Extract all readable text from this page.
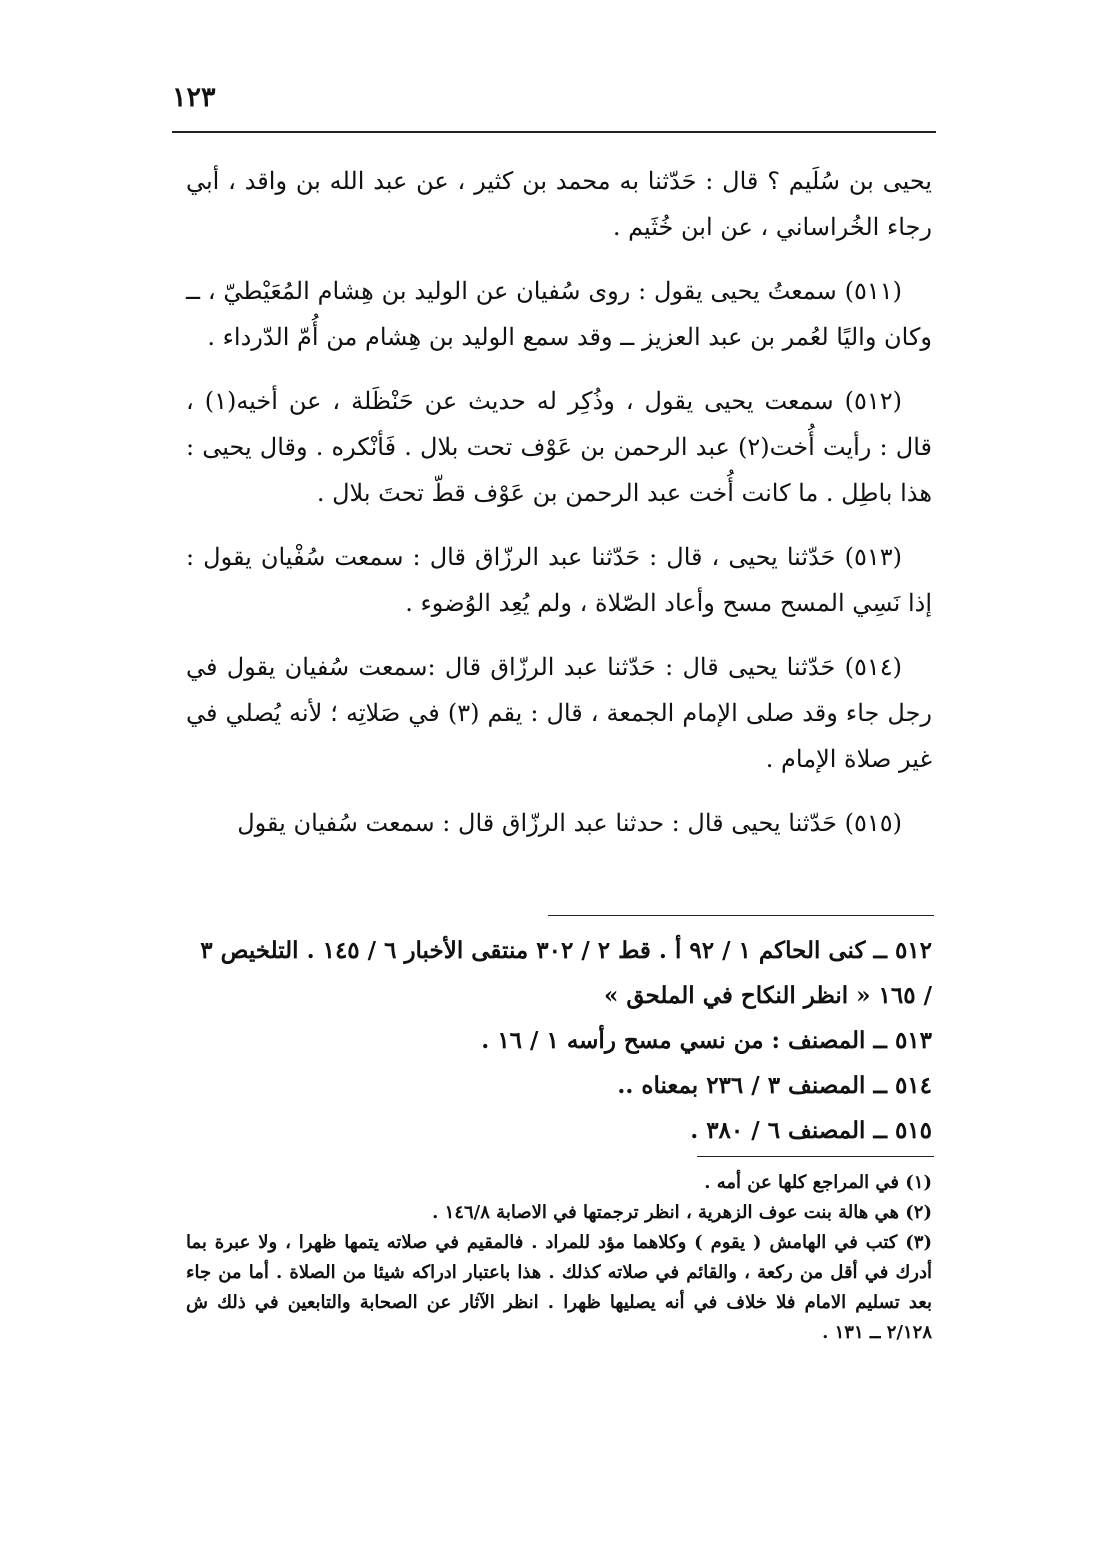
١٢٣

يحيى بن سُلَيم ؟ قال : حَدّثنا به محمد بن كثير ، عن عبد الله بن واقد ، أبي رجاء الخُراساني ، عن ابن خُثَيم .

(٥١١) سمعتُ يحيى يقول : روى سُفيان عن الوليد بن هِشام المُعَيْطيّ ، ــ وكان واليًا لعُمر بن عبد العزيز ــ وقد سمع الوليد بن هِشام من أُمّ الدّرداء .

(٥١٢) سمعت يحيى يقول ، وذُكِر له حديث عن حَنْظَلة ، عن أخيه(١) ، قال : رأيت أُخت(٢) عبد الرحمن بن عَوْف تحت بلال . فَأنْكره . وقال يحيى : هذا باطِل . ما كانت أُخت عبد الرحمن بن عَوْف قطّ تحتَ بلال .

(٥١٣) حَدّثنا يحيى ، قال : حَدّثنا عبد الرزّاق قال : سمعت سُفْيان يقول : إذا نَسِي المسح مسح وأعاد الصّلاة ، ولم يُعِد الوُضوء .

(٥١٤) حَدّثنا يحيى قال : حَدّثنا عبد الرزّاق قال :سمعت سُفيان يقول في رجل جاء وقد صلى الإمام الجمعة ، قال : يقم (٣) في صَلاتِه ؛ لأنه يُصلي في غير صلاة الإمام .

(٥١٥) حَدّثنا يحيى قال : حدثنا عبد الرزّاق قال : سمعت سُفيان يقول

٥١٢ ــ كنى الحاكم ١ / ٩٢ أ . قط ٢ / ٣٠٢ منتقى الأخبار ٦ / ١٤٥ . التلخيص ٣ / ١٦٥ « انظر النكاح في الملحق »
٥١٣ ــ المصنف : من نسي مسح رأسه ١ / ١٦ .
٥١٤ ــ المصنف ٣ / ٢٣٦ بمعناه ..
٥١٥ ــ المصنف ٦ / ٣٨٠ .
(١) في المراجع كلها عن أمه .
(٢) هي هالة بنت عوف الزهرية ، انظر ترجمتها في الاصابة ١٤٦/٨ .
(٣) كتب في الهامش ( يقوم ) وكلاهما مؤد للمراد . فالمقيم في صلاته يتمها ظهرا ، ولا عبرة بما أدرك في أقل من ركعة ، والقائم في صلاته كذلك . هذا باعتبار ادراكه شيئا من الصلاة . أما من جاء بعد تسليم الامام فلا خلاف في أنه يصليها ظهرا . انظر الآثار عن الصحابة والتابعين في ذلك ش ٢/١٢٨ ــ ١٣١ .
